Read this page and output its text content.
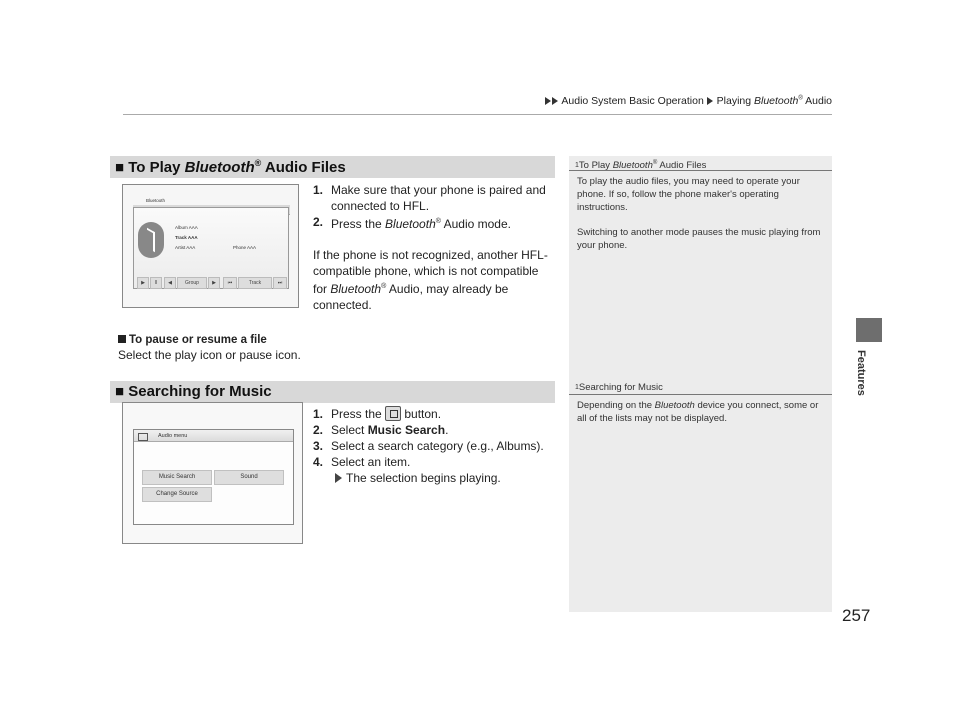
Audio System Basic Operation Playing Bluetooth® Audio
Features
1To Play Bluetooth® Audio Files

To play the audio files, you may need to operate your phone. If so, follow the phone maker's operating instructions.

Switching to another mode pauses the music playing from your phone.

1Searching for Music

Depending on the Bluetooth device you connect, some or all of the lists may not be displayed.

■ To Play Bluetooth® Audio Files
Bluetooth
Album AAA
Track AAA
Artist AAA	Phone AAA
▶	II	◀	Group	▶	⏮	Track	⏭
1. Make sure that your phone is paired and connected to HFL.
2. Press the Bluetooth® Audio mode.
If the phone is not recognized, another HFL-compatible phone, which is not compatible for Bluetooth® Audio, may already be connected.
To pause or resume a file
Select the play icon or pause icon.
■ Searching for Music
Audio menu
Music Search	Sound
Change Source
1. Press the  button.
2. Select Music Search.
3. Select a search category (e.g., Albums).
4. Select an item.
The selection begins playing.
257
